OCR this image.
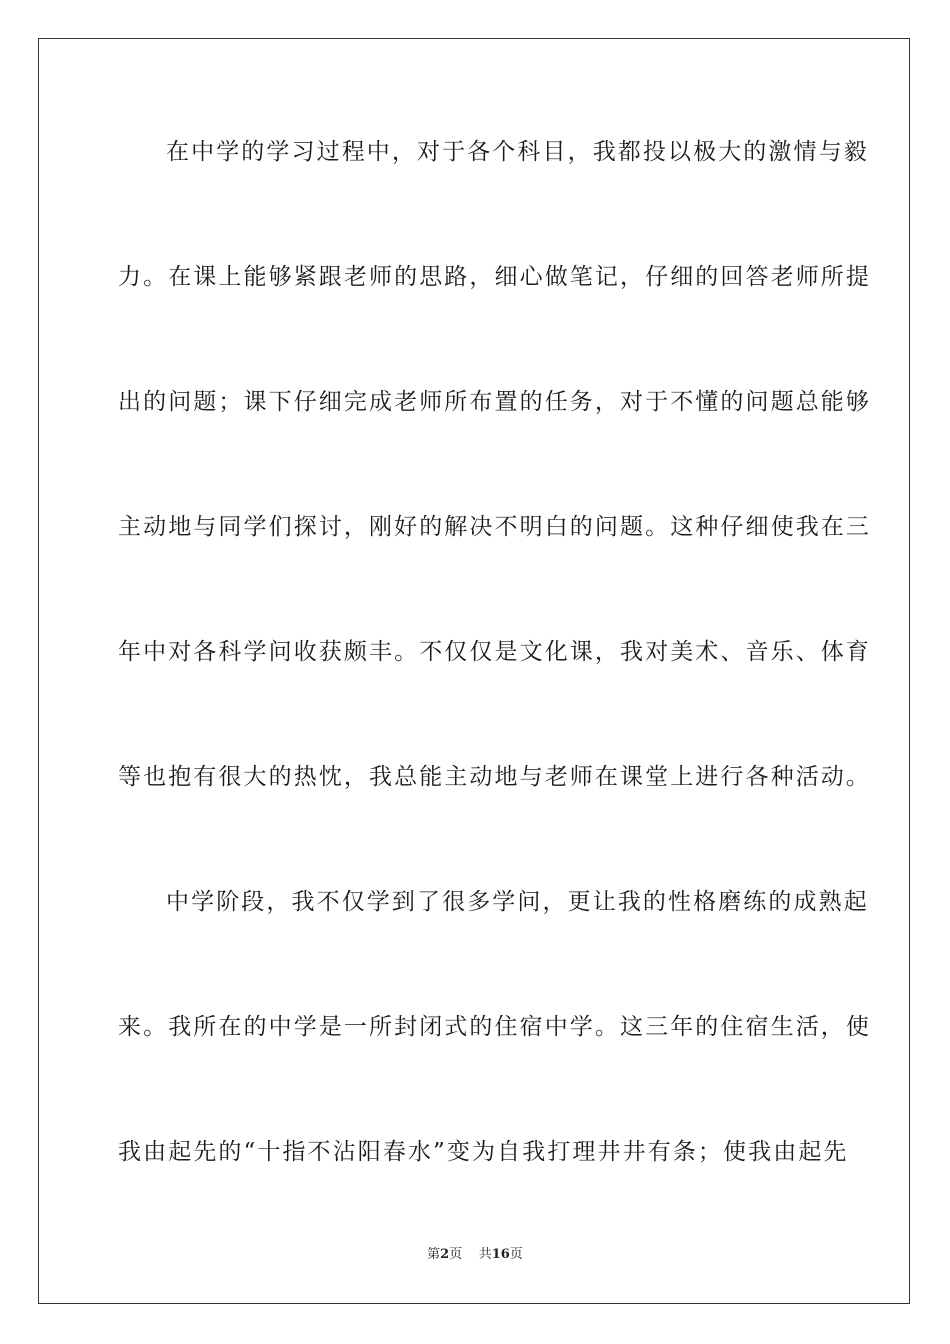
在中学的学习过程中，对于各个科目，我都投以极大的激情与毅
力。在课上能够紧跟老师的思路，细心做笔记，仔细的回答老师所提
出的问题；课下仔细完成老师所布置的任务，对于不懂的问题总能够
主动地与同学们探讨，刚好的解决不明白的问题。这种仔细使我在三
年中对各科学问收获颇丰。不仅仅是文化课，我对美术、音乐、体育
等也抱有很大的热忱，我总能主动地与老师在课堂上进行各种活动。
中学阶段，我不仅学到了很多学问，更让我的性格磨练的成熟起
来。我所在的中学是一所封闭式的住宿中学。这三年的住宿生活，使
我由起先的“十指不沾阳春水”变为自我打理井井有条；使我由起先
第2页 共16页
